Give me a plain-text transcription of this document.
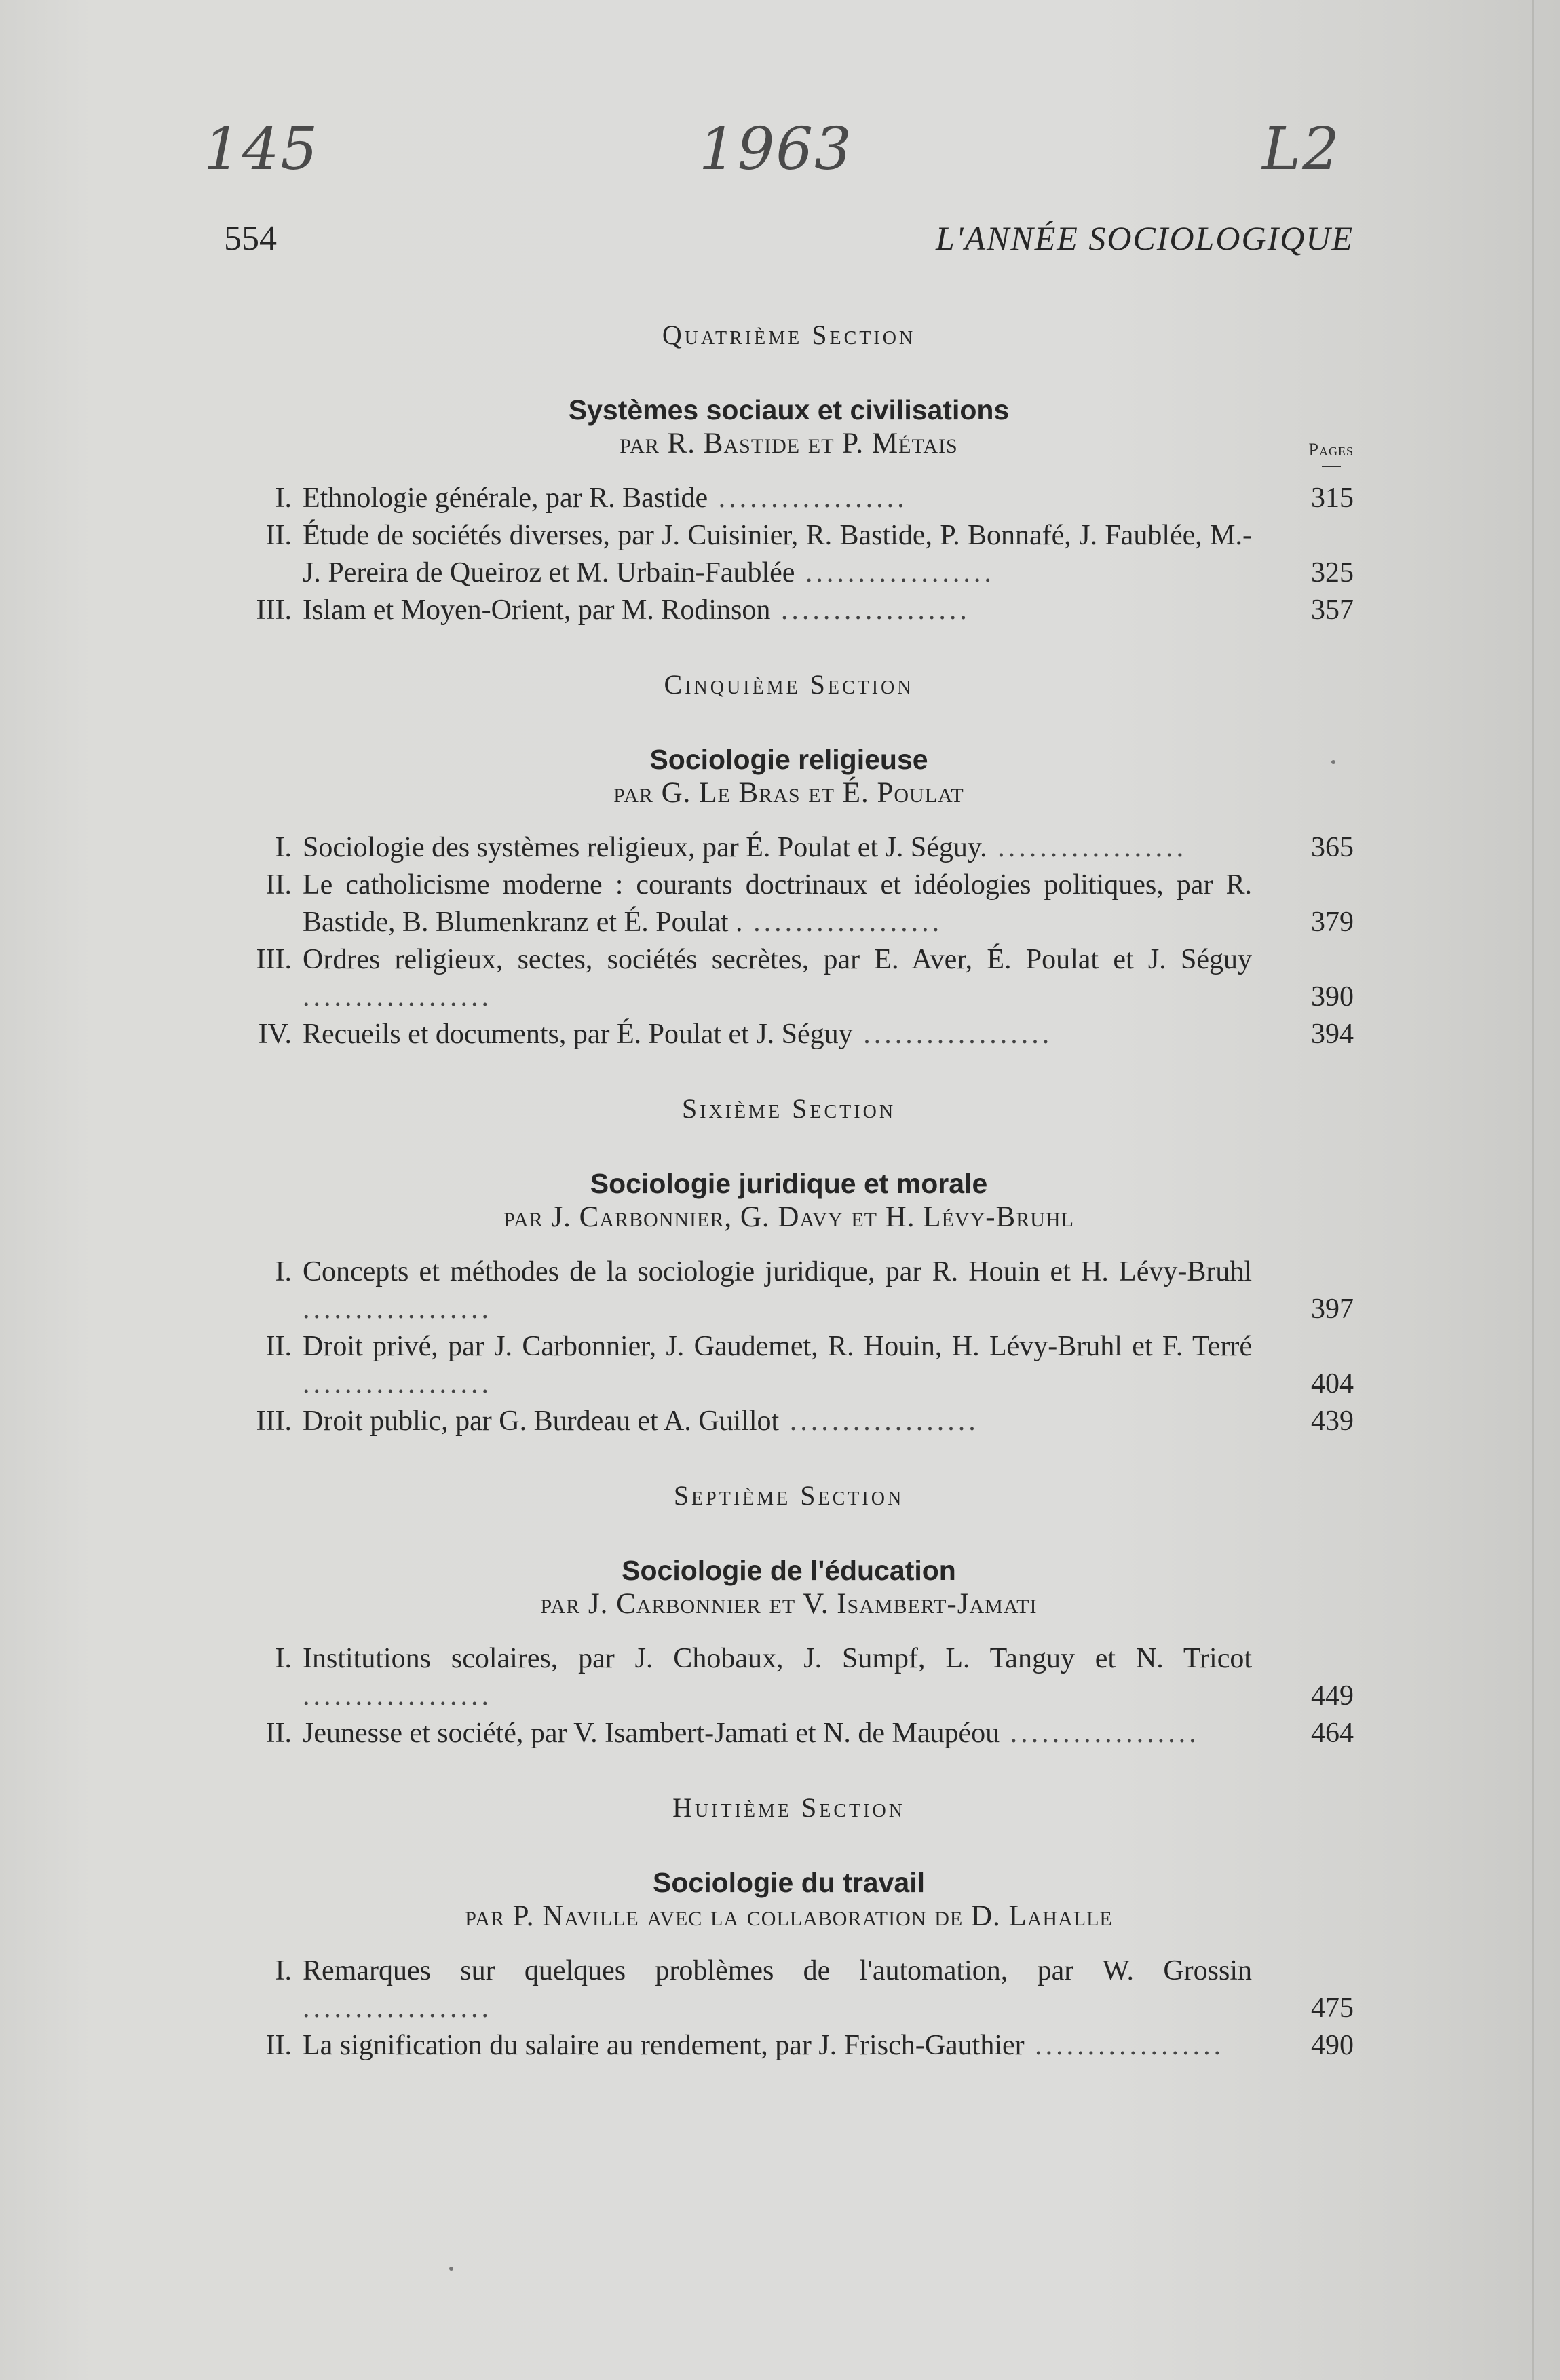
145	1963	L2
554	L'ANNÉE SOCIOLOGIQUE
Pages
Quatrième Section
Systèmes sociaux et civilisations
par R. Bastide et P. Métais
I. Ethnologie générale, par R. Bastide ..................	315
II. Étude de sociétés diverses, par J. Cuisinier, R. Bastide, P. Bonnafé, J. Faublée, M.-J. Pereira de Queiroz et M. Urbain-Faublée ..................	325
III. Islam et Moyen-Orient, par M. Rodinson ..................	357
Cinquième Section
Sociologie religieuse
par G. Le Bras et É. Poulat
I. Sociologie des systèmes religieux, par É. Poulat et J. Séguy. ..................	365
II. Le catholicisme moderne : courants doctrinaux et idéologies politiques, par R. Bastide, B. Blumenkranz et É. Poulat . ..................	379
III. Ordres religieux, sectes, sociétés secrètes, par E. Aver, É. Poulat et J. Séguy ..................	390
IV. Recueils et documents, par É. Poulat et J. Séguy ..................	394
Sixième Section
Sociologie juridique et morale
par J. Carbonnier, G. Davy et H. Lévy-Bruhl
I. Concepts et méthodes de la sociologie juridique, par R. Houin et H. Lévy-Bruhl ..................	397
II. Droit privé, par J. Carbonnier, J. Gaudemet, R. Houin, H. Lévy-Bruhl et F. Terré ..................	404
III. Droit public, par G. Burdeau et A. Guillot ..................	439
Septième Section
Sociologie de l'éducation
par J. Carbonnier et V. Isambert-Jamati
I. Institutions scolaires, par J. Chobaux, J. Sumpf, L. Tanguy et N. Tricot ..................	449
II. Jeunesse et société, par V. Isambert-Jamati et N. de Maupéou ..................	464
Huitième Section
Sociologie du travail
par P. Naville avec la collaboration de D. Lahalle
I. Remarques sur quelques problèmes de l'automation, par W. Grossin ..................	475
II. La signification du salaire au rendement, par J. Frisch-Gauthier ..................	490
